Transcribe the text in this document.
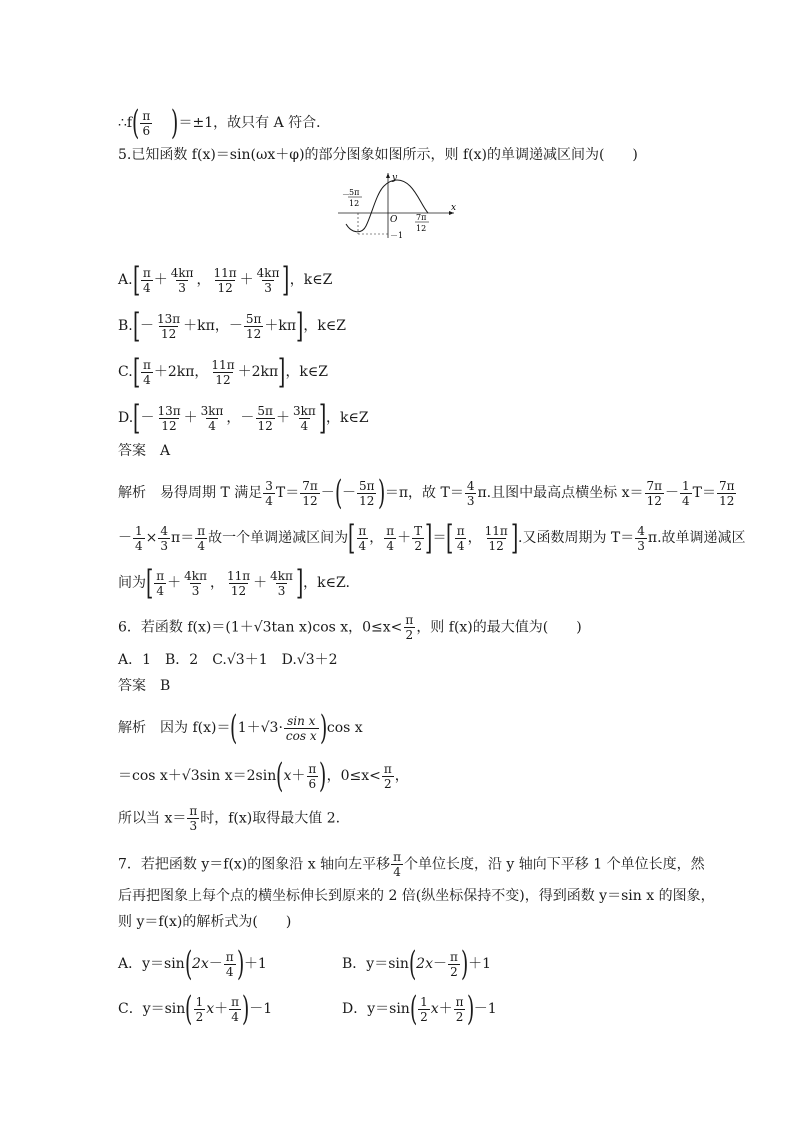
∴f( $\frac{\pi}{6} )=\pm 1$，故只有 A 符合．
5.已知函数 f(x)＝sin(ωx＋φ)的部分图象如图所示，则 f(x)的单调递减区间为(　　)
y
x
O
－ 5π
12
7π
12
－1
$A.[ \frac{\pi}{4} + \frac{4k\pi}{3}$ ， $\frac{11\pi}{12} + \frac{4k\pi}{3}$ ]，k∈Z
$B.[- \frac{13\pi}{12} +k\pi$，－ $\frac{5\pi}{12} +k\pi$]，k∈Z
$C.[ \frac{\pi}{4} +2k\pi$， $\frac{11\pi}{12} +2k\pi$]，k∈Z
$D.[- \frac{13\pi}{12} + \frac{3k\pi}{4}$ ，－ $\frac{5\pi}{12} + \frac{3k\pi}{4}$ ]，k∈Z
答案　A
解析　易得周期 T 满足 $\frac{3}{4} T= \frac{7\pi}{12}$ －(－ $\frac{5\pi}{12} )=\pi$，故 $T= \frac{4}{3} \pi$.且图中最高点横坐标 $x= \frac{7\pi}{12} - \frac{1}{4} T= \frac{7\pi}{12}$
－ $\frac{1}{4} \times \frac{4}{3} \pi= \frac{\pi}{4}$ 故一个单调递减区间为[ $\frac{\pi}{4}$ ， $\frac{\pi}{4} + \frac{T}{2}$ ]＝[ $\frac{\pi}{4}$ ， $\frac{11\pi}{12}$ ].又函数周期为 $T= \frac{4}{3} \pi$.故单调递减区
间为[ $\frac{\pi}{4} + \frac{4k\pi}{3}$ ， $\frac{11\pi}{12} + \frac{4k\pi}{3}$ ]，k∈Z.
6．若函数 f(x)＝(1＋√3tan x)cos x，$0\le x< \frac{\pi}{2}$ ，则 f(x)的最大值为(　　)
A．1　B．2　C.√3＋1　D.√3＋2
答案　B
解析　因为 $f(x)=(1+√3\cdot \frac{\text{sin x}}{\text{cos x}} )\cos$ x
＝cos x＋√3sin $x=2\sin(x+ \frac{\pi}{6}$ )，$0\le x< \frac{\pi}{2}$ ，
所以当 $x= \frac{\pi}{3}$ 时，f(x)取得最大值 2.
7．若把函数 y＝f(x)的图象沿 x 轴向左平移 $\frac{\pi}{4}$ 个单位长度，沿 y 轴向下平移 1 个单位长度，然
后再把图象上每个点的横坐标伸长到原来的 2 倍(纵坐标保持不变)，得到函数 y＝sin x 的图象，
则 y＝f(x)的解析式为(　　)
A．$y=\sin(2x- \frac{\pi}{4} )+1$	B．$y=\sin(2x- \frac{\pi}{2} )+1$
C．$y=\sin( \frac{1}{2} x+ \frac{\pi}{4} )-1$	D．$y=\sin( \frac{1}{2} x+ \frac{\pi}{2} )-1$
